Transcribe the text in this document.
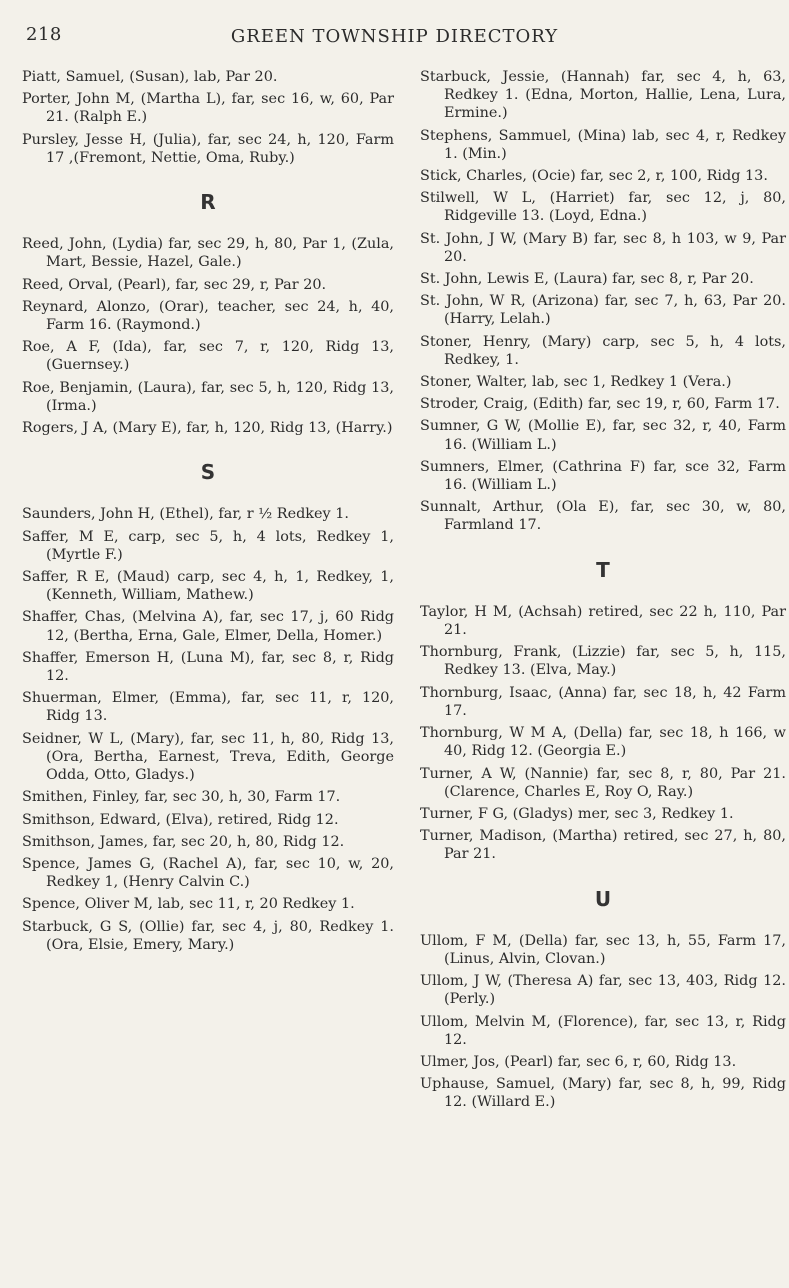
218	GREEN TOWNSHIP DIRECTORY
Piatt, Samuel, (Susan), lab, Par 20.
Porter, John M, (Martha L), far, sec 16, w, 60, Par 21. (Ralph E.)
Pursley, Jesse H, (Julia), far, sec 24, h, 120, Farm 17 ,(Fremont, Nettie, Oma, Ruby.)
R
Reed, John, (Lydia) far, sec 29, h, 80, Par 1, (Zula, Mart, Bessie, Hazel, Gale.)
Reed, Orval, (Pearl), far, sec 29, r, Par 20.
Reynard, Alonzo, (Orar), teacher, sec 24, h, 40, Farm 16. (Raymond.)
Roe, A F, (Ida), far, sec 7, r, 120, Ridg 13, (Guernsey.)
Roe, Benjamin, (Laura), far, sec 5, h, 120, Ridg 13, (Irma.)
Rogers, J A, (Mary E), far, h, 120, Ridg 13, (Harry.)
S
Saunders, John H, (Ethel), far, r ½ Redkey 1.
Saffer, M E, carp, sec 5, h, 4 lots, Redkey 1, (Myrtle F.)
Saffer, R E, (Maud) carp, sec 4, h, 1, Redkey, 1, (Kenneth, William, Mathew.)
Shaffer, Chas, (Melvina A), far, sec 17, j, 60 Ridg 12, (Bertha, Erna, Gale, Elmer, Della, Homer.)
Shaffer, Emerson H, (Luna M), far, sec 8, r, Ridg 12.
Shuerman, Elmer, (Emma), far, sec 11, r, 120, Ridg 13.
Seidner, W L, (Mary), far, sec 11, h, 80, Ridg 13, (Ora, Bertha, Earnest, Treva, Edith, George Odda, Otto, Gladys.)
Smithen, Finley, far, sec 30, h, 30, Farm 17.
Smithson, Edward, (Elva), retired, Ridg 12.
Smithson, James, far, sec 20, h, 80, Ridg 12.
Spence, James G, (Rachel A), far, sec 10, w, 20, Redkey 1, (Henry Calvin C.)
Spence, Oliver M, lab, sec 11, r, 20 Redkey 1.
Starbuck, G S, (Ollie) far, sec 4, j, 80, Redkey 1. (Ora, Elsie, Emery, Mary.)
Starbuck, Jessie, (Hannah) far, sec 4, h, 63, Redkey 1. (Edna, Morton, Hallie, Lena, Lura, Ermine.)
Stephens, Sammuel, (Mina) lab, sec 4, r, Redkey 1. (Min.)
Stick, Charles, (Ocie) far, sec 2, r, 100, Ridg 13.
Stilwell, W L, (Harriet) far, sec 12, j, 80, Ridgeville 13. (Loyd, Edna.)
St. John, J W, (Mary B) far, sec 8, h 103, w 9, Par 20.
St. John, Lewis E, (Laura) far, sec 8, r, Par 20.
St. John, W R, (Arizona) far, sec 7, h, 63, Par 20. (Harry, Lelah.)
Stoner, Henry, (Mary) carp, sec 5, h, 4 lots, Redkey, 1.
Stoner, Walter, lab, sec 1, Redkey 1 (Vera.)
Stroder, Craig, (Edith) far, sec 19, r, 60, Farm 17.
Sumner, G W, (Mollie E), far, sec 32, r, 40, Farm 16. (William L.)
Sumners, Elmer, (Cathrina F) far, sce 32, Farm 16. (William L.)
Sunnalt, Arthur, (Ola E), far, sec 30, w, 80, Farmland 17.
T
Taylor, H M, (Achsah) retired, sec 22 h, 110, Par 21.
Thornburg, Frank, (Lizzie) far, sec 5, h, 115, Redkey 13. (Elva, May.)
Thornburg, Isaac, (Anna) far, sec 18, h, 42 Farm 17.
Thornburg, W M A, (Della) far, sec 18, h 166, w 40, Ridg 12. (Georgia E.)
Turner, A W, (Nannie) far, sec 8, r, 80, Par 21. (Clarence, Charles E, Roy O, Ray.)
Turner, F G, (Gladys) mer, sec 3, Redkey 1.
Turner, Madison, (Martha) retired, sec 27, h, 80, Par 21.
U
Ullom, F M, (Della) far, sec 13, h, 55, Farm 17, (Linus, Alvin, Clovan.)
Ullom, J W, (Theresa A) far, sec 13, 403, Ridg 12. (Perly.)
Ullom, Melvin M, (Florence), far, sec 13, r, Ridg 12.
Ulmer, Jos, (Pearl) far, sec 6, r, 60, Ridg 13.
Uphause, Samuel, (Mary) far, sec 8, h, 99, Ridg 12. (Willard E.)
